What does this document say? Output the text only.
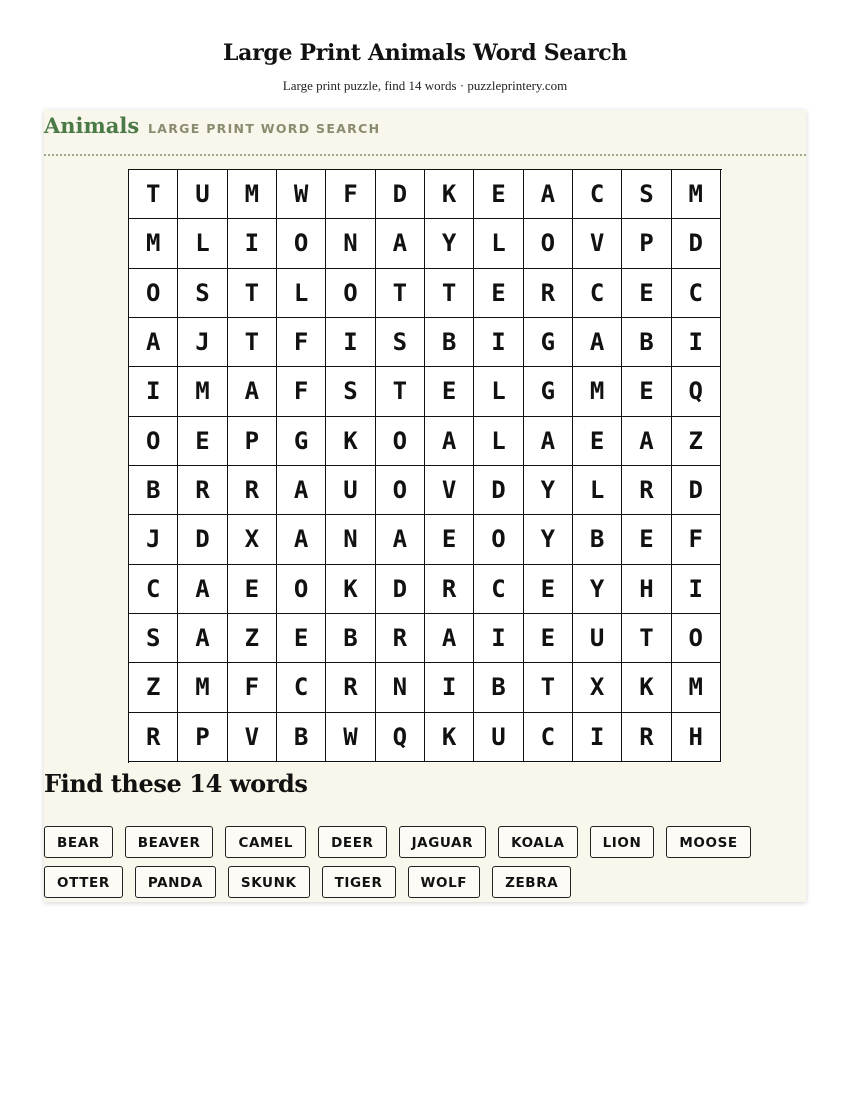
Large Print Animals Word Search
Large print puzzle, find 14 words · puzzleprintery.com
Animals LARGE PRINT WORD SEARCH
T	U	M	W	F	D	K	E	A	C	S	M
M	L	I	O	N	A	Y	L	O	V	P	D
O	S	T	L	O	T	T	E	R	C	E	C
A	J	T	F	I	S	B	I	G	A	B	I
I	M	A	F	S	T	E	L	G	M	E	Q
O	E	P	G	K	O	A	L	A	E	A	Z
B	R	R	A	U	O	V	D	Y	L	R	D
J	D	X	A	N	A	E	O	Y	B	E	F
C	A	E	O	K	D	R	C	E	Y	H	I
S	A	Z	E	B	R	A	I	E	U	T	O
Z	M	F	C	R	N	I	B	T	X	K	M
R	P	V	B	W	Q	K	U	C	I	R	H
Find these 14 words
BEAR	BEAVER	CAMEL	DEER	JAGUAR	KOALA	LION	MOOSE
OTTER	PANDA	SKUNK	TIGER	WOLF	ZEBRA
